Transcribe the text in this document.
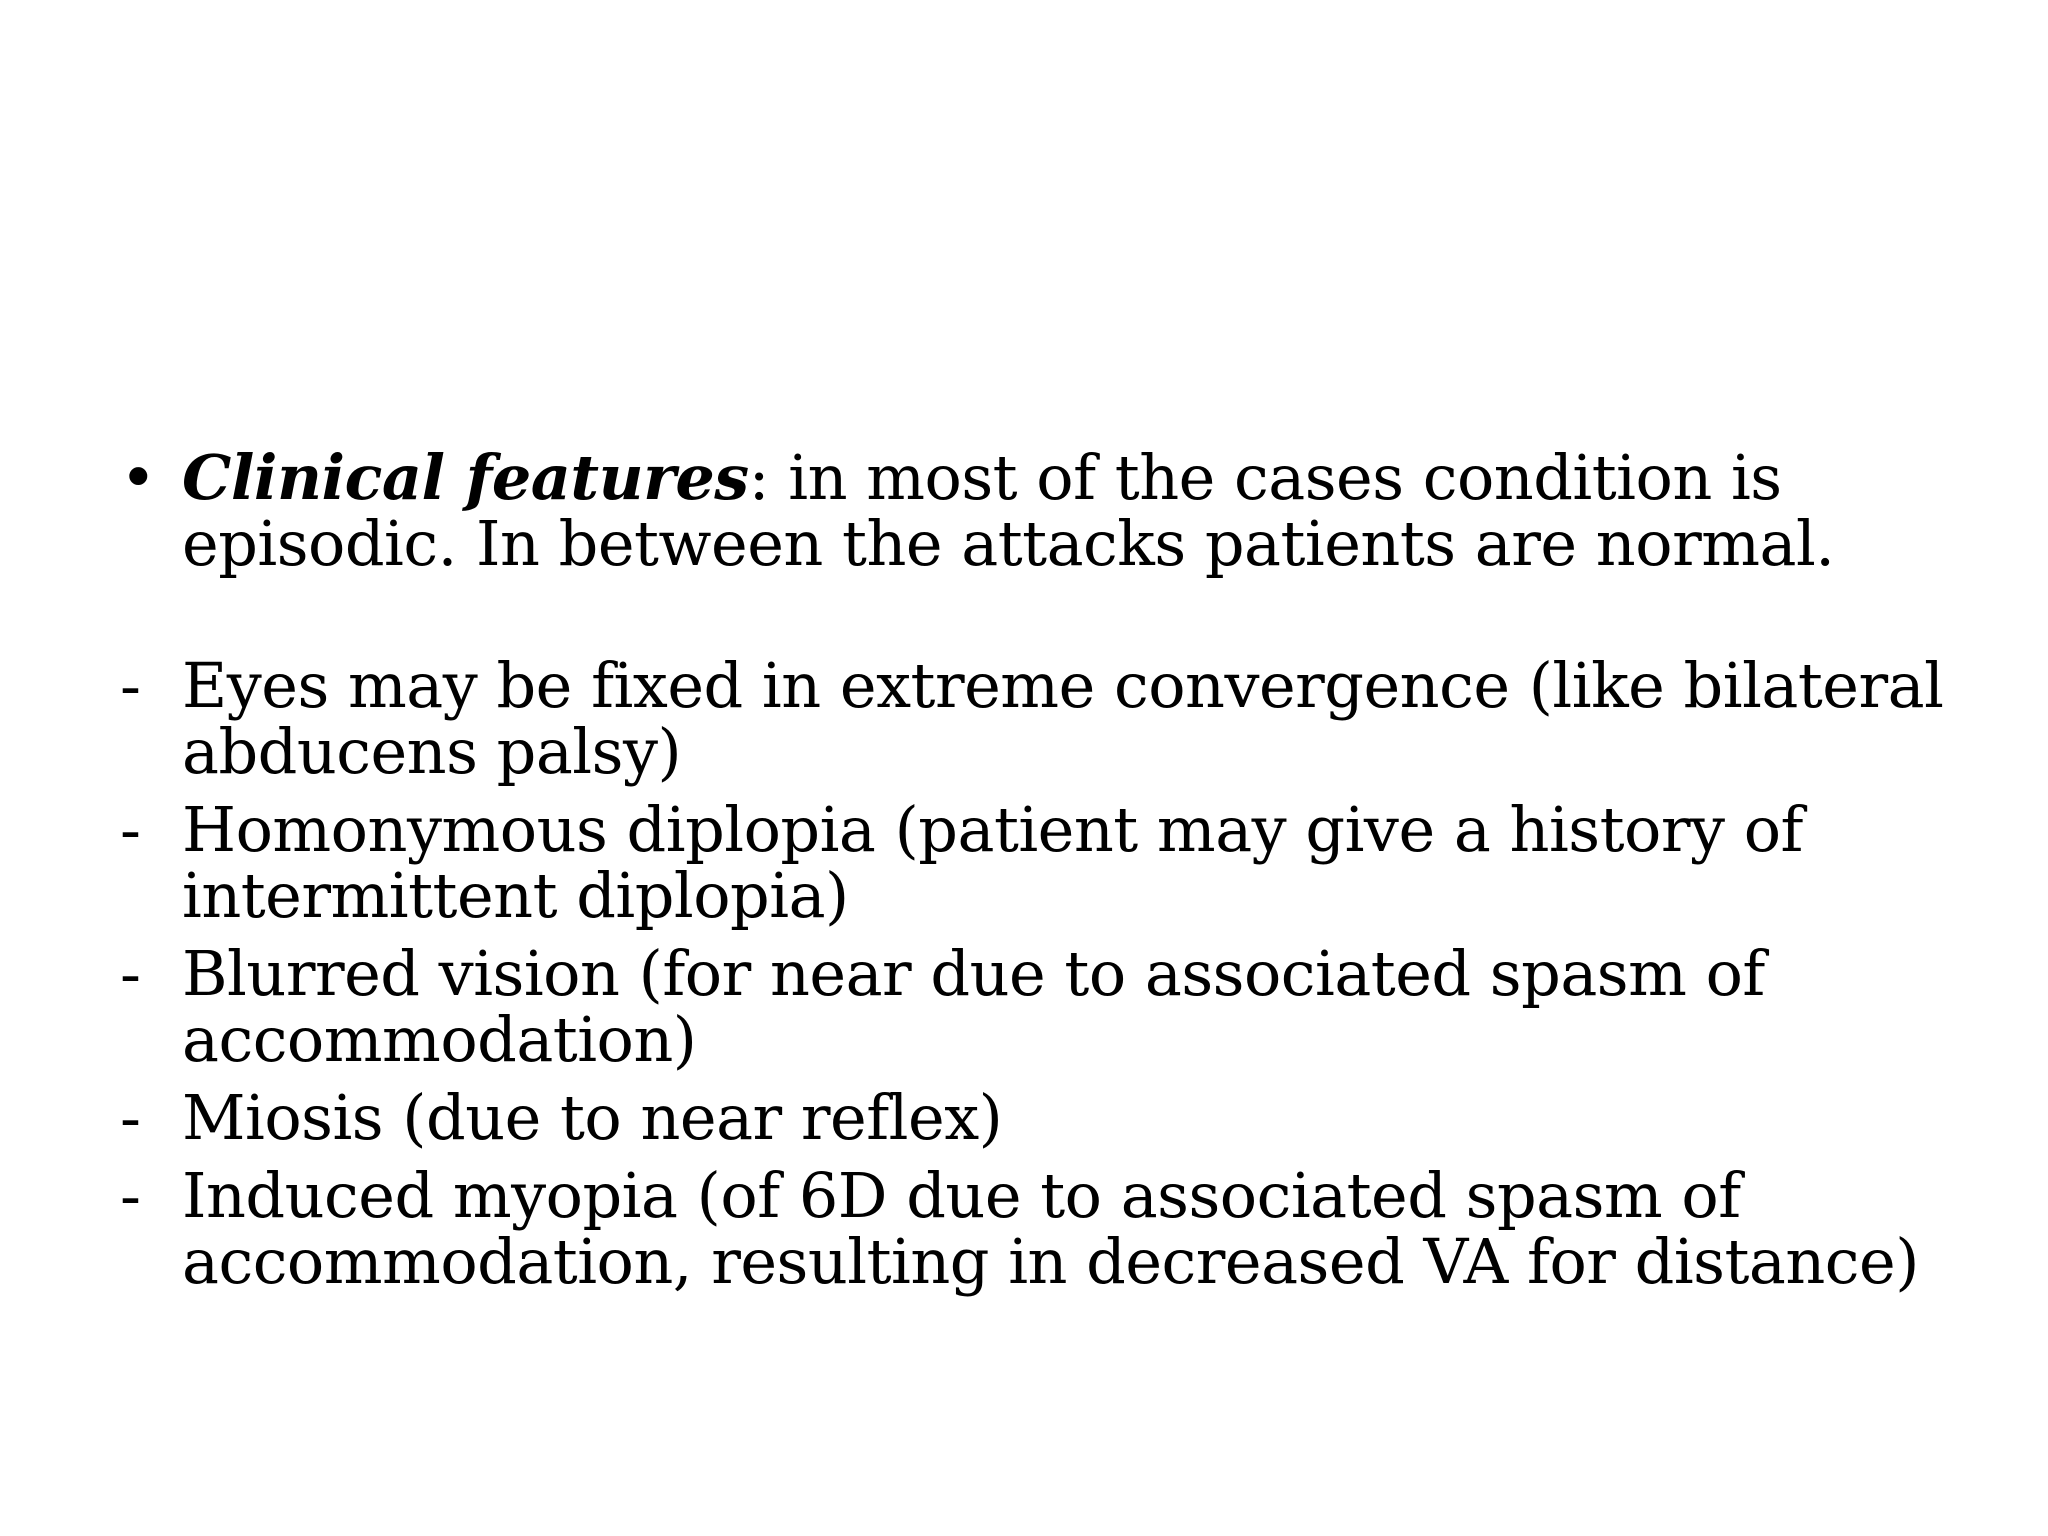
• Clinical features: in most of the cases condition is
episodic. In between the attacks patients are normal.
- Eyes may be fixed in extreme convergence (like bilateral
abducens palsy)
- Homonymous diplopia (patient may give a history of
intermittent diplopia)
- Blurred vision (for near due to associated spasm of
accommodation)
- Miosis (due to near reflex)
- Induced myopia (of 6D due to associated spasm of
accommodation, resulting in decreased VA for distance)
